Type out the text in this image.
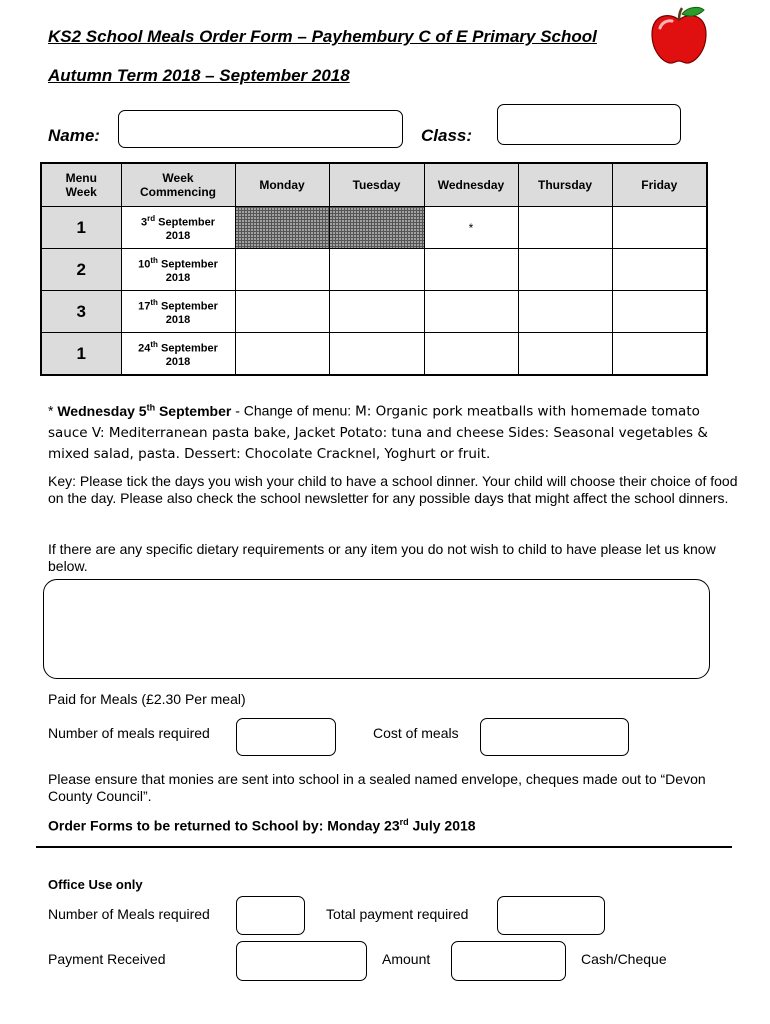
KS2 School Meals Order Form – Payhembury C of E Primary School
Autumn Term 2018 – September 2018
Name:	Class:
Menu Week	Week Commencing	Monday	Tuesday	Wednesday	Thursday	Friday
1	3rd September
2018			*		
2	10th September
2018					
3	17th September
2018					
1	24th September
2018					
* Wednesday 5th September - Change of menu: M: Organic pork meatballs with homemade tomato sauce V: Mediterranean pasta bake, Jacket Potato: tuna and cheese Sides: Seasonal vegetables & mixed salad, pasta. Dessert: Chocolate Cracknel, Yoghurt or fruit.
Key: Please tick the days you wish your child to have a school dinner. Your child will choose their choice of food on the day. Please also check the school newsletter for any possible days that might affect the school dinners.
If there are any specific dietary requirements or any item you do not wish to child to have please let us know below.
Paid for Meals (£2.30 Per meal)
Number of meals required	Cost of meals
Please ensure that monies are sent into school in a sealed named envelope, cheques made out to “Devon County Council”.
Order Forms to be returned to School by: Monday 23rd July 2018
Office Use only
Number of Meals required	Total payment required
Payment Received	Amount	Cash/Cheque
